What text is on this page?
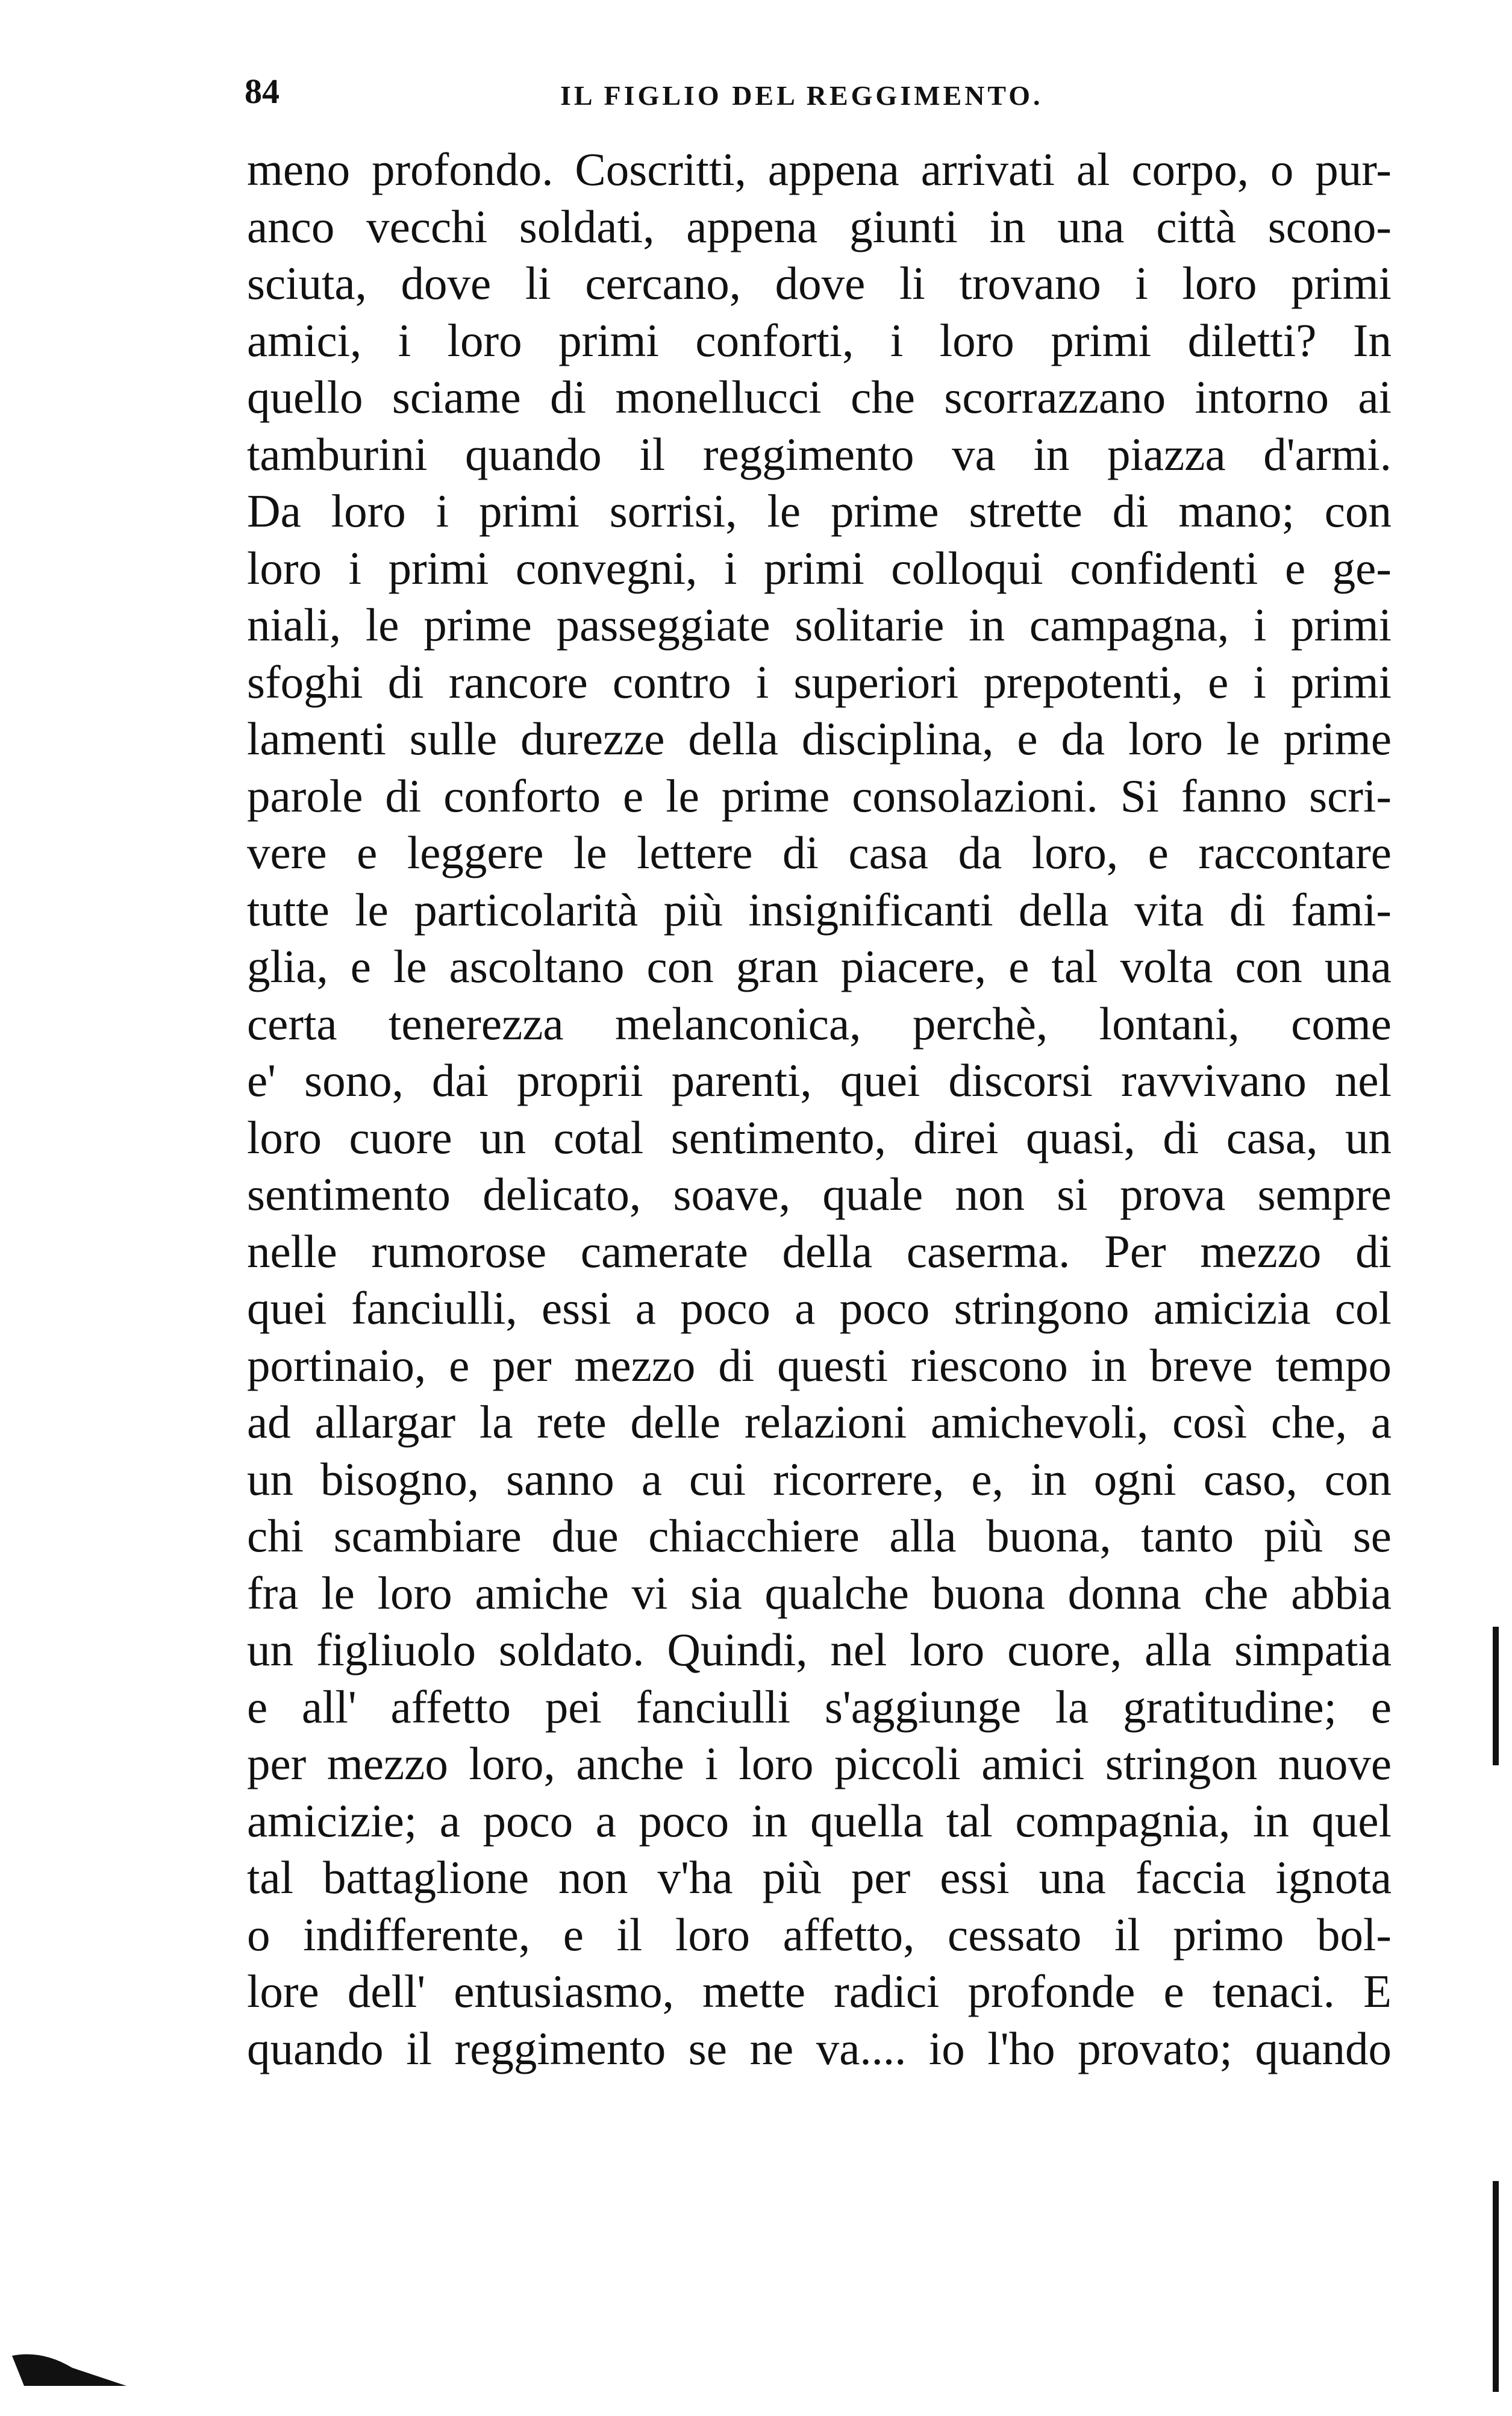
84	IL FIGLIO DEL REGGIMENTO.
meno profondo. Coscritti, appena arrivati al corpo, o pur-
anco vecchi soldati, appena giunti in una città scono-
sciuta, dove li cercano, dove li trovano i loro primi
amici, i loro primi conforti, i loro primi diletti? In
quello sciame di monellucci che scorrazzano intorno ai
tamburini quando il reggimento va in piazza d'armi.
Da loro i primi sorrisi, le prime strette di mano; con
loro i primi convegni, i primi colloqui confidenti e ge-
niali, le prime passeggiate solitarie in campagna, i primi
sfoghi di rancore contro i superiori prepotenti, e i primi
lamenti sulle durezze della disciplina, e da loro le prime
parole di conforto e le prime consolazioni. Si fanno scri-
vere e leggere le lettere di casa da loro, e raccontare
tutte le particolarità più insignificanti della vita di fami-
glia, e le ascoltano con gran piacere, e tal volta con una
certa tenerezza melanconica, perchè, lontani, come
e' sono, dai proprii parenti, quei discorsi ravvivano nel
loro cuore un cotal sentimento, direi quasi, di casa, un
sentimento delicato, soave, quale non si prova sempre
nelle rumorose camerate della caserma. Per mezzo di
quei fanciulli, essi a poco a poco stringono amicizia col
portinaio, e per mezzo di questi riescono in breve tempo
ad allargar la rete delle relazioni amichevoli, così che, a
un bisogno, sanno a cui ricorrere, e, in ogni caso, con
chi scambiare due chiacchiere alla buona, tanto più se
fra le loro amiche vi sia qualche buona donna che abbia
un figliuolo soldato. Quindi, nel loro cuore, alla simpatia
e all' affetto pei fanciulli s'aggiunge la gratitudine; e
per mezzo loro, anche i loro piccoli amici stringon nuove
amicizie; a poco a poco in quella tal compagnia, in quel
tal battaglione non v'ha più per essi una faccia ignota
o indifferente, e il loro affetto, cessato il primo bol-
lore dell' entusiasmo, mette radici profonde e tenaci. E
quando il reggimento se ne va.... io l'ho provato; quando
